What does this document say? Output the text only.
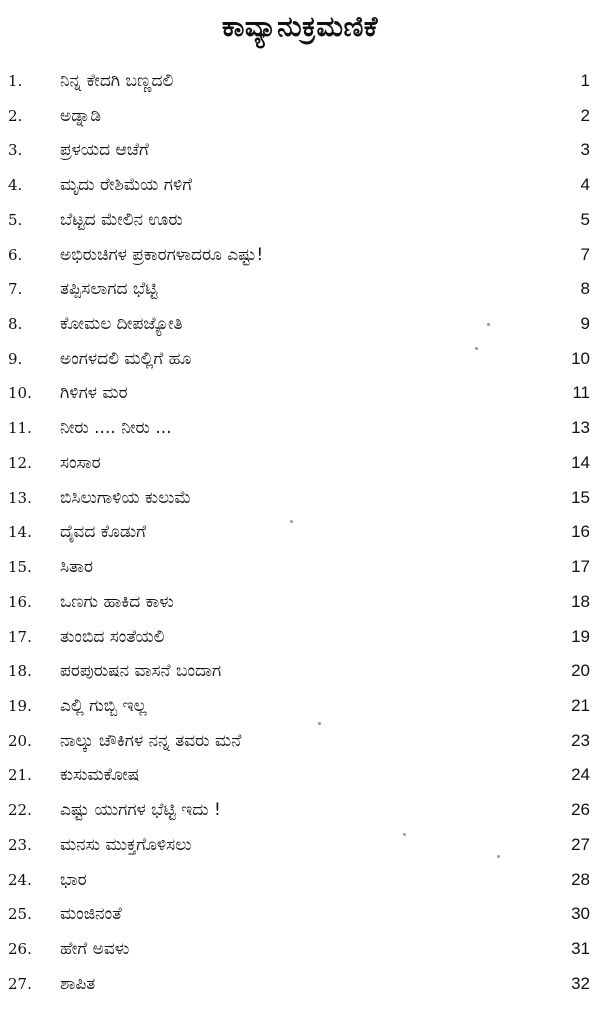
ಕಾವ್ಯಾನುಕ್ರಮಣಿಕೆ
1.	ನಿನ್ನ ಕೇದಗಿ ಬಣ್ಣದಲಿ	1
2.	ಅಡ್ನಾಡಿ	2
3.	ಪ್ರಳಯದ ಆಚೆಗೆ	3
4.	ಮೃದು ರೇಶಿಮೆಯ ಗಳಿಗೆ	4
5.	ಬೆಟ್ಟದ ಮೇಲಿನ ಊರು	5
6.	ಅಭಿರುಚಿಗಳ ಪ್ರಕಾರಗಳಾದರೂ ಎಷ್ಟು!	7
7.	ತಪ್ಪಿಸಲಾಗದ ಭೆಟ್ಟಿ	8
8.	ಕೋಮಲ ದೀಪಜ್ಯೋತಿ	9
9.	ಅಂಗಳದಲಿ ಮಲ್ಲಿಗೆ ಹೂ	10
10.	ಗಿಳಿಗಳ ಮರ	11
11.	ನೀರು .... ನೀರು ...	13
12.	ಸಂಸಾರ	14
13.	ಬಿಸಿಲುಗಾಳಿಯ ಕುಲುಮೆ	15
14.	ದೈವದ ಕೊಡುಗೆ	16
15.	ಸಿತಾರ	17
16.	ಒಣಗು ಹಾಕಿದ ಕಾಳು	18
17.	ತುಂಬಿದ ಸಂತೆಯಲಿ	19
18.	ಪರಪುರುಷನ ವಾಸನೆ ಬಂದಾಗ	20
19.	ಎಲ್ಲಿ ಗುಬ್ಬಿ ಇಲ್ಲ	21
20.	ನಾಲ್ಕು ಚೌಕಿಗಳ ನನ್ನ ತವರು ಮನೆ	23
21.	ಕುಸುಮಕೋಷ	24
22.	ಎಷ್ಟು ಯುಗಗಳ ಭೆಟ್ಟಿ ಇದು !	26
23.	ಮನಸು ಮುಕ್ತಗೊಳಿಸಲು	27
24.	ಭಾರ	28
25.	ಮಂಜಿನಂತೆ	30
26.	ಹೇಗೆ ಅವಳು	31
27.	ಶಾಪಿತ	32
